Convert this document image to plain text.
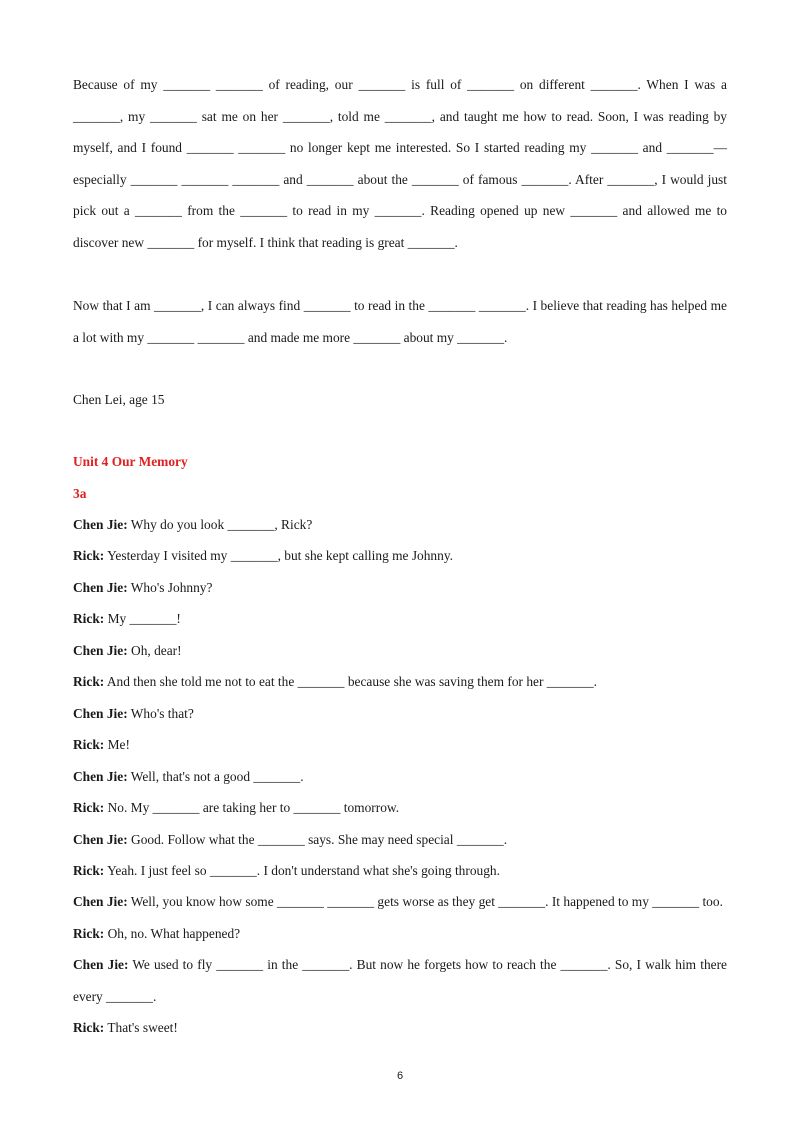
Because of my _______ _______ of reading, our _______ is full of _______ on different _______. When I was a _______, my _______ sat me on her _______, told me _______, and taught me how to read. Soon, I was reading by myself, and I found _______ _______ no longer kept me interested. So I started reading my _______ and _______—especially _______ _______ _______ and _______ about the _______ of famous _______. After _______, I would just pick out a _______ from the _______ to read in my _______. Reading opened up new _______ and allowed me to discover new _______ for myself. I think that reading is great _______.
Now that I am _______, I can always find _______ to read in the _______ _______. I believe that reading has helped me a lot with my _______ _______ and made me more _______ about my _______.
Chen Lei, age 15
Unit 4 Our Memory
3a
Chen Jie: Why do you look _______, Rick?
Rick: Yesterday I visited my _______, but she kept calling me Johnny.
Chen Jie: Who's Johnny?
Rick: My _______!
Chen Jie: Oh, dear!
Rick: And then she told me not to eat the _______ because she was saving them for her _______.
Chen Jie: Who's that?
Rick: Me!
Chen Jie: Well, that's not a good _______.
Rick: No. My _______ are taking her to _______ tomorrow.
Chen Jie: Good. Follow what the _______ says. She may need special _______.
Rick: Yeah. I just feel so _______. I don't understand what she's going through.
Chen Jie: Well, you know how some _______ _______ gets worse as they get _______. It happened to my _______ too.
Rick: Oh, no. What happened?
Chen Jie: We used to fly _______ in the _______. But now he forgets how to reach the _______. So, I walk him there every _______.
Rick: That's sweet!
6
